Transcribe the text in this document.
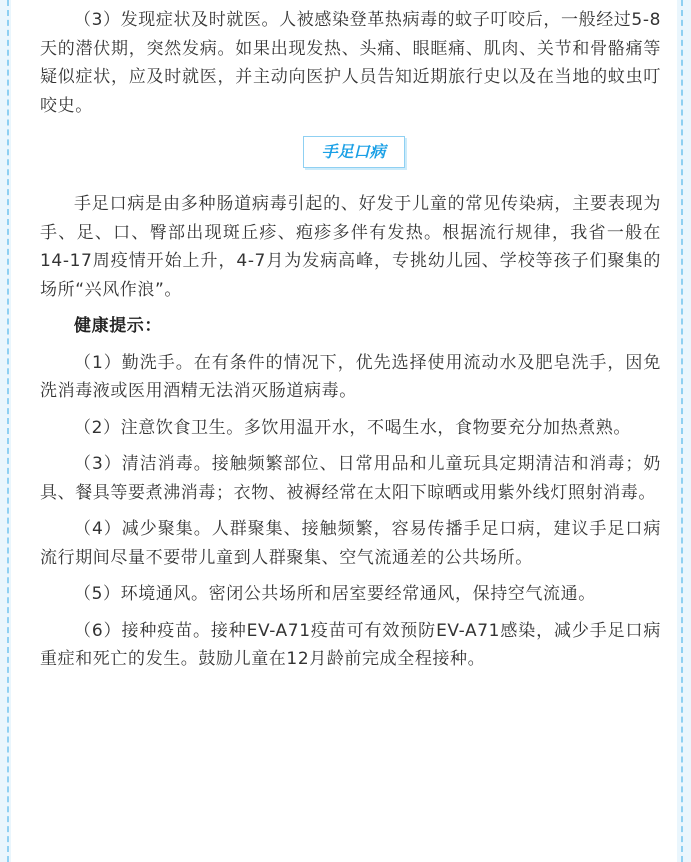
（3）发现症状及时就医。人被感染登革热病毒的蚊子叮咬后，一般经过5-8天的潜伏期，突然发病。如果出现发热、头痛、眼眶痛、肌肉、关节和骨骼痛等疑似症状，应及时就医，并主动向医护人员告知近期旅行史以及在当地的蚊虫叮咬史。

手足口病

手足口病是由多种肠道病毒引起的、好发于儿童的常见传染病，主要表现为手、足、口、臀部出现斑丘疹、疱疹多伴有发热。根据流行规律，我省一般在14-17周疫情开始上升，4-7月为发病高峰，专挑幼儿园、学校等孩子们聚集的场所“兴风作浪”。

健康提示：

（1）勤洗手。在有条件的情况下，优先选择使用流动水及肥皂洗手，因免洗消毒液或医用酒精无法消灭肠道病毒。

（2）注意饮食卫生。多饮用温开水，不喝生水，食物要充分加热煮熟。

（3）清洁消毒。接触频繁部位、日常用品和儿童玩具定期清洁和消毒；奶具、餐具等要煮沸消毒；衣物、被褥经常在太阳下晾晒或用紫外线灯照射消毒。

（4）减少聚集。人群聚集、接触频繁，容易传播手足口病，建议手足口病流行期间尽量不要带儿童到人群聚集、空气流通差的公共场所。

（5）环境通风。密闭公共场所和居室要经常通风，保持空气流通。

（6）接种疫苗。接种EV-A71疫苗可有效预防EV-A71感染，减少手足口病重症和死亡的发生。鼓励儿童在12月龄前完成全程接种。
